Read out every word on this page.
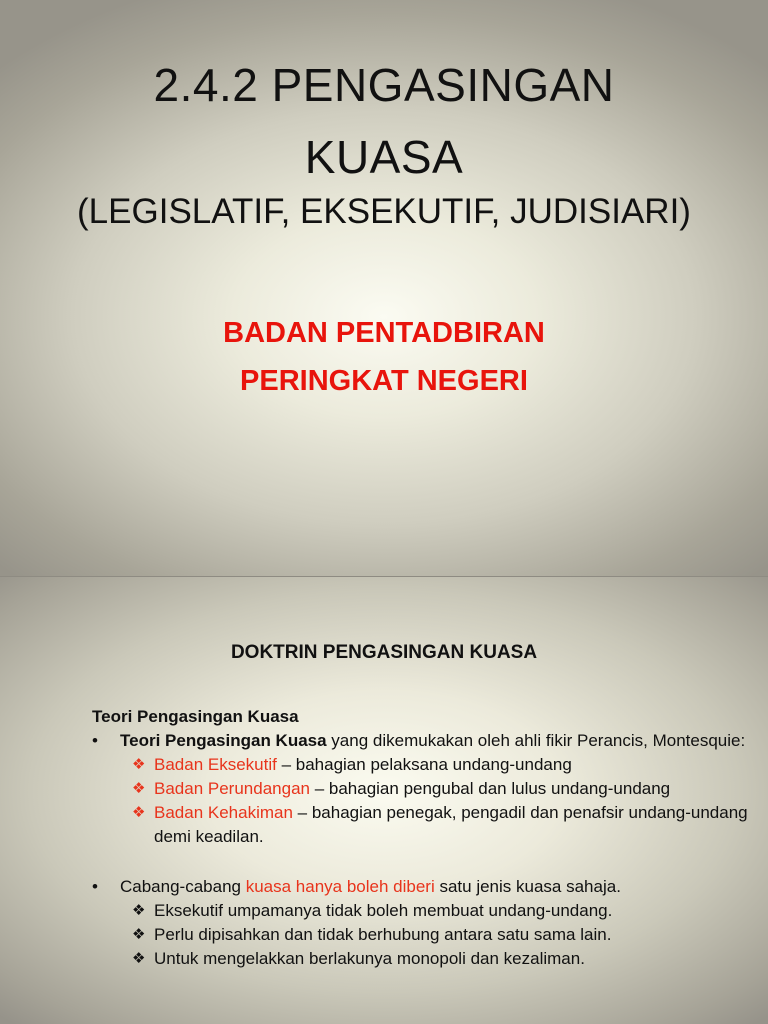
2.4.2 PENGASINGAN
KUASA
(LEGISLATIF, EKSEKUTIF, JUDISIARI)
BADAN PENTADBIRAN
PERINGKAT NEGERI
DOKTRIN PENGASINGAN KUASA

Teori Pengasingan Kuasa

• Teori Pengasingan Kuasa yang dikemukakan oleh ahli fikir Perancis, Montesquie:
❖ Badan Eksekutif – bahagian pelaksana undang-undang
❖ Badan Perundangan – bahagian pengubal dan lulus undang-undang
❖ Badan Kehakiman – bahagian penegak, pengadil dan penafsir undang-undang demi keadilan.
• Cabang-cabang kuasa hanya boleh diberi satu jenis kuasa sahaja.
❖ Eksekutif umpamanya tidak boleh membuat undang-undang.
❖ Perlu dipisahkan dan tidak berhubung antara satu sama lain.
❖ Untuk mengelakkan berlakunya monopoli dan kezaliman.
